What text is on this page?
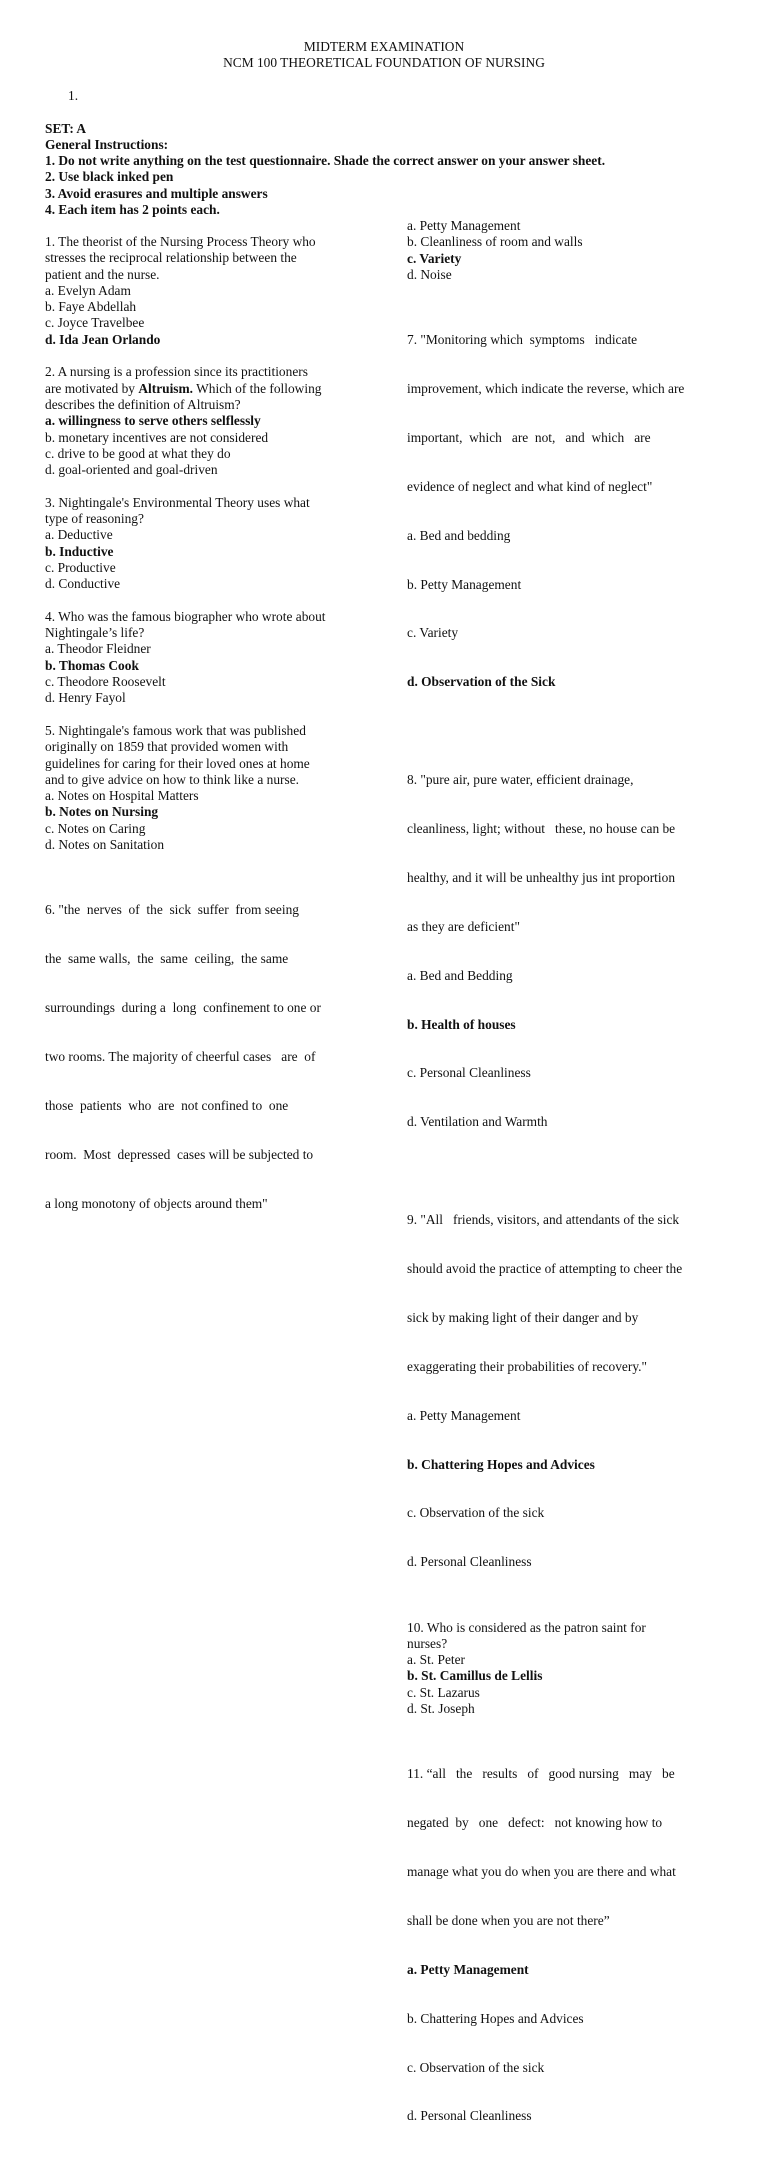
MIDTERM EXAMINATION
NCM 100 THEORETICAL FOUNDATION OF NURSING
1.
SET: A
General Instructions:
1. Do not write anything on the test questionnaire. Shade the correct answer on your answer sheet.
2. Use black inked pen
3. Avoid erasures and multiple answers
4. Each item has 2 points each.

1. The theorist of the Nursing Process Theory who

stresses the reciprocal relationship between the

patient and the nurse.

a. Evelyn Adam

b. Faye Abdellah

c. Joyce Travelbee

d. Ida Jean Orlando

2. A nursing is a profession since its practitioners

are motivated by Altruism. Which of the following

describes the definition of Altruism?

a. willingness to serve others selflessly

b. monetary incentives are not considered

c. drive to be good at what they do

d. goal-oriented and goal-driven

3. Nightingale's Environmental Theory uses what

type of reasoning?

a. Deductive

b. Inductive

c. Productive

d. Conductive

4. Who was the famous biographer who wrote about

Nightingale’s life?

a. Theodor Fleidner

b. Thomas Cook

c. Theodore Roosevelt

d. Henry Fayol

5. Nightingale's famous work that was published

originally on 1859 that provided women with

guidelines for caring for their loved ones at home

and to give advice on how to think like a nurse.

a. Notes on Hospital Matters

b. Notes on Nursing

c. Notes on Caring

d. Notes on Sanitation

6. "the  nerves  of  the  sick  suffer  from seeing

the  same walls,  the  same  ceiling,  the same

surroundings  during a  long  confinement to one or

two rooms. The majority of cheerful cases   are  of

those  patients  who  are  not confined to  one

room.  Most  depressed  cases will be subjected to

a long monotony of objects around them"

a. Petty Management

b. Cleanliness of room and walls

c. Variety

d. Noise

7. "Monitoring which  symptoms   indicate

improvement, which indicate the reverse, which are

important,  which   are  not,   and  which   are

evidence of neglect and what kind of neglect"

a. Bed and bedding

b. Petty Management

c. Variety

d. Observation of the Sick

8. "pure air, pure water, efficient drainage,

cleanliness, light; without   these, no house can be

healthy, and it will be unhealthy jus int proportion

as they are deficient"

a. Bed and Bedding

b. Health of houses

c. Personal Cleanliness

d. Ventilation and Warmth

9. "All   friends, visitors, and attendants of the sick

should avoid the practice of attempting to cheer the

sick by making light of their danger and by

exaggerating their probabilities of recovery."

a. Petty Management

b. Chattering Hopes and Advices

c. Observation of the sick

d. Personal Cleanliness

10. Who is considered as the patron saint for

nurses?

a. St. Peter

b. St. Camillus de Lellis

c. St. Lazarus

d. St. Joseph

11. “all   the   results   of   good nursing   may   be

negated  by   one   defect:   not knowing how to

manage what you do when you are there and what

shall be done when you are not there”

a. Petty Management

b. Chattering Hopes and Advices

c. Observation of the sick

d. Personal Cleanliness
